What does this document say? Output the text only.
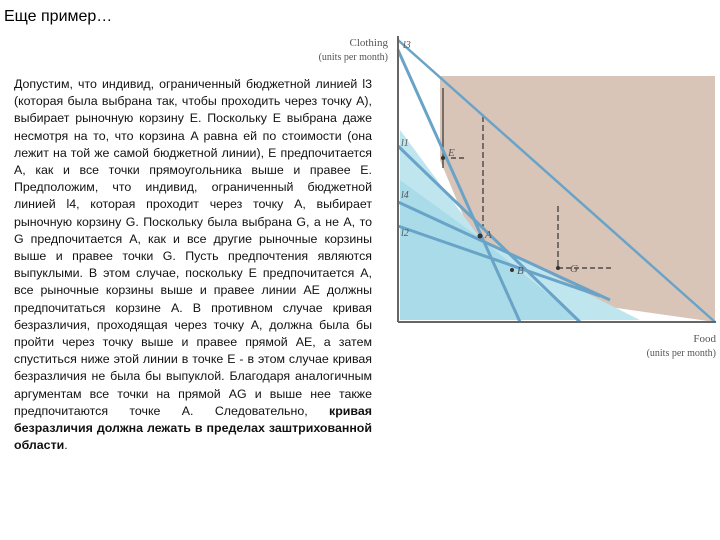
Еще пример…

Допустим, что индивид, ограниченный бюджетной линией l3 (которая была выбрана так, чтобы проходить через точку А), выбирает рыночную корзину E. Поскольку E выбрана даже несмотря на то, что корзина A равна ей по стоимости (она лежит на той же самой бюджетной линии), E предпочитается A, как и все точки прямоугольника выше и правее E. Предположим, что индивид, ограниченный бюджетной линией l4, которая проходит через точку A, выбирает рыночную корзину G. Поскольку была выбрана G, а не A, то G предпочитается A, как и все другие рыночные корзины выше и правее точки G. Пусть предпочтения являются выпуклыми. В этом случае, поскольку E предпочитается A, все рыночные корзины выше и правее линии AE должны предпочитаться корзине A. В противном случае кривая безразличия, проходящая через точку A, должна была бы пройти через точку выше и правее прямой AE, а затем спуститься ниже этой линии в точке E - в этом случае кривая безразличия не была бы выпуклой. Благодаря аналогичным аргументам все точки на прямой AG и выше нее также предпочитаются точке A. Следовательно, кривая безразличия должна лежать в пределах заштрихованной области.

Clothing
(units per month)
Food
(units per month)
l3
l1
l4
l2
E
A
B	G
